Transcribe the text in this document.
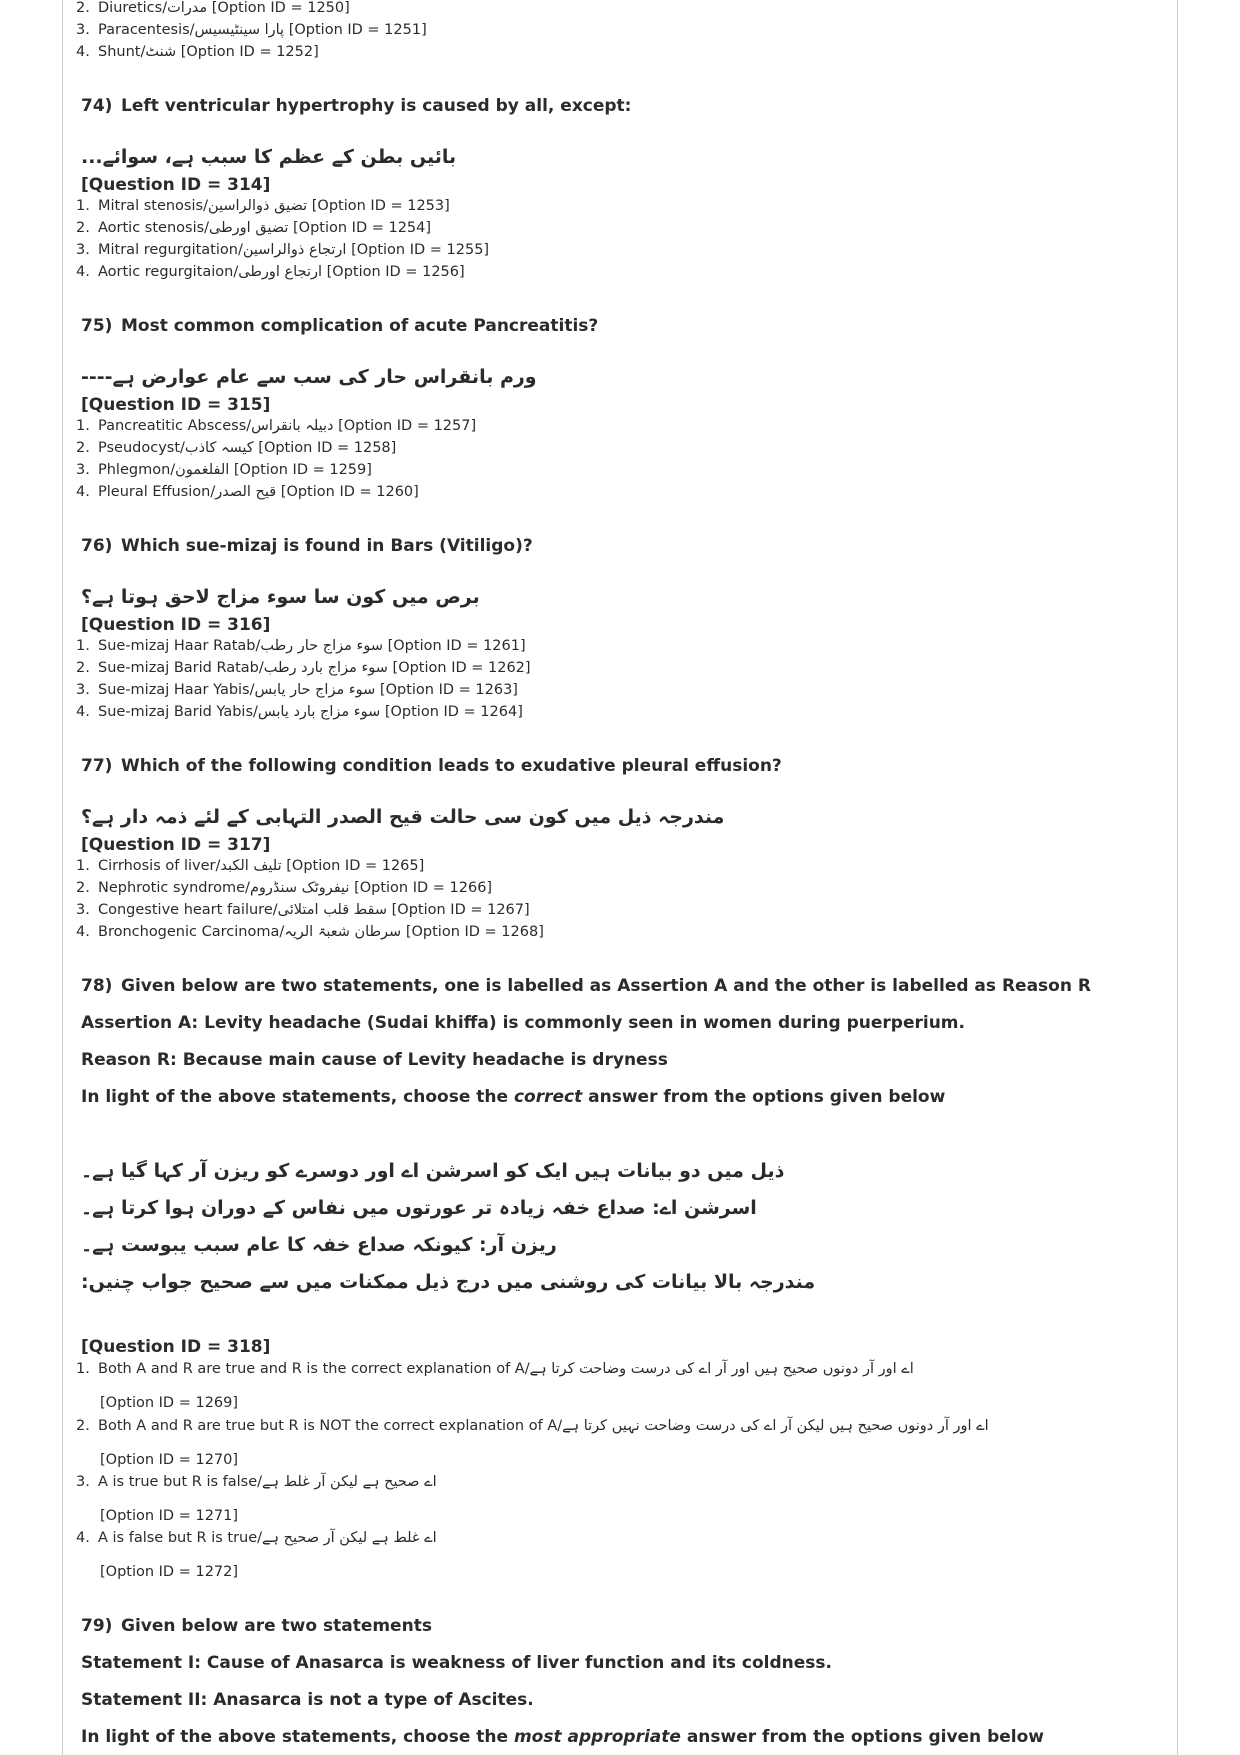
2. Diuretics/مدرات [Option ID = 1250]
3. Paracentesis/پارا سینٹیسیس [Option ID = 1251]
4. Shunt/شنٹ [Option ID = 1252]
74) Left ventricular hypertrophy is caused by all, except:
بائیں بطن کے عظم کا سبب ہے، سوائے...
[Question ID = 314]
1. Mitral stenosis/تضیق ذوالراسین [Option ID = 1253]
2. Aortic stenosis/تضیق اورطی [Option ID = 1254]
3. Mitral regurgitation/ارتجاع ذوالراسین [Option ID = 1255]
4. Aortic regurgitaion/ارتجاع اورطی [Option ID = 1256]
75) Most common complication of acute Pancreatitis?
ورم بانقراس حار کی سب سے عام عوارض ہے----
[Question ID = 315]
1. Pancreatitic Abscess/دبیلہ بانقراس [Option ID = 1257]
2. Pseudocyst/کیسہ کاذب [Option ID = 1258]
3. Phlegmon/الفلغمون [Option ID = 1259]
4. Pleural Effusion/قیح الصدر [Option ID = 1260]
76) Which sue-mizaj is found in Bars (Vitiligo)?
برص میں کون سا سوء مزاج لاحق ہوتا ہے؟
[Question ID = 316]
1. Sue-mizaj Haar Ratab/سوء مزاج حار رطب [Option ID = 1261]
2. Sue-mizaj Barid Ratab/سوء مزاج بارد رطب [Option ID = 1262]
3. Sue-mizaj Haar Yabis/سوء مزاج حار یابس [Option ID = 1263]
4. Sue-mizaj Barid Yabis/سوء مزاج بارد یابس [Option ID = 1264]
77) Which of the following condition leads to exudative pleural effusion?
مندرجہ ذیل میں کون سی حالت قیح الصدر التہابی کے لئے ذمہ دار ہے؟
[Question ID = 317]
1. Cirrhosis of liver/تلیف الکبد [Option ID = 1265]
2. Nephrotic syndrome/نیفروٹک سنڈروم [Option ID = 1266]
3. Congestive heart failure/سقط قلب امتلائی [Option ID = 1267]
4. Bronchogenic Carcinoma/سرطان شعبۃ الریہ [Option ID = 1268]
78) Given below are two statements, one is labelled as Assertion A and the other is labelled as Reason R
Assertion A: Levity headache (Sudai khiffa) is commonly seen in women during puerperium.
Reason R: Because main cause of Levity headache is dryness
In light of the above statements, choose the correct answer from the options given below
ذیل میں دو بیانات ہیں ایک کو اسرشن اے اور دوسرے کو ریزن آر کہا گیا ہے۔
اسرشن اے: صداع خفہ زیادہ تر عورتوں میں نفاس کے دوران ہوا کرتا ہے۔
ریزن آر: کیونکہ صداع خفہ کا عام سبب یبوست ہے۔
مندرجہ بالا بیانات کی روشنی میں درج ذیل ممکنات میں سے صحیح جواب چنیں:
[Question ID = 318]
1. Both A and R are true and R is the correct explanation of A/اے اور آر دونوں صحیح ہیں اور آر اے کی درست وضاحت کرتا ہے
[Option ID = 1269]
2. Both A and R are true but R is NOT the correct explanation of A/اے اور آر دونوں صحیح ہیں لیکن آر اے کی درست وضاحت نہیں کرتا ہے
[Option ID = 1270]
3. A is true but R is false/اے صحیح ہے لیکن آر غلط ہے
[Option ID = 1271]
4. A is false but R is true/اے غلط ہے لیکن آر صحیح ہے
[Option ID = 1272]
79) Given below are two statements
Statement I: Cause of Anasarca is weakness of liver function and its coldness.
Statement II: Anasarca is not a type of Ascites.
In light of the above statements, choose the most appropriate answer from the options given below
